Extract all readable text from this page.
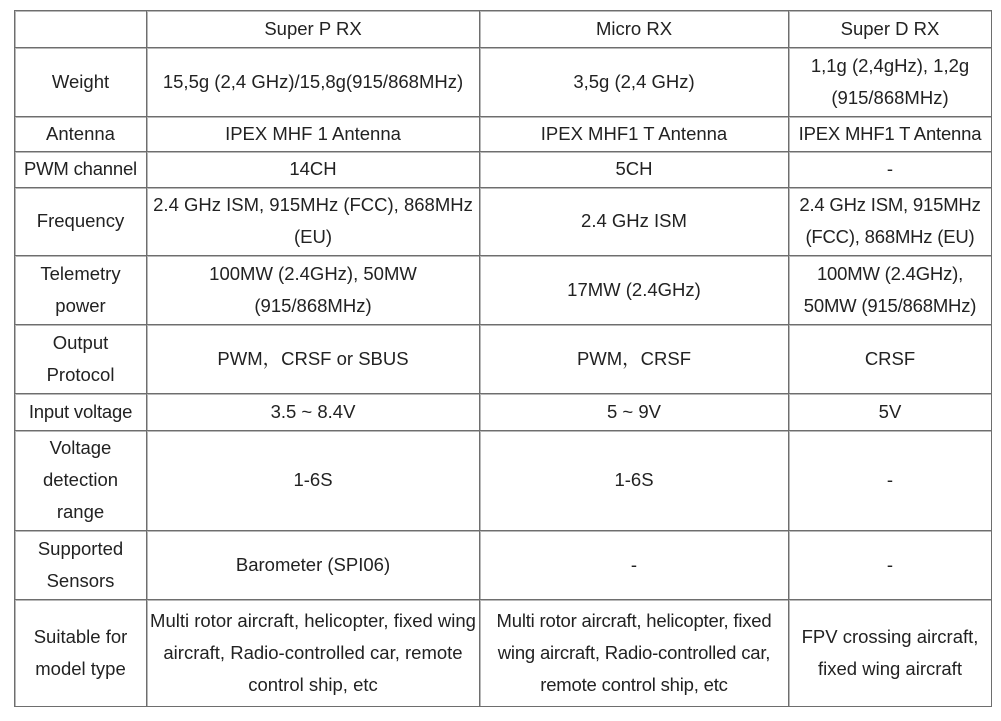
	Super P RX	Micro RX	Super D RX
Weight	15,5g (2,4 GHz)/15,8g(915/868MHz)	3,5g (2,4 GHz)	1,1g (2,4gHz), 1,2g (915/868MHz)
Antenna	IPEX MHF 1 Antenna	IPEX MHF1 T Antenna	IPEX MHF1 T Antenna
PWM channel	14CH	5CH	-
Frequency	2.4 GHz ISM, 915MHz (FCC), 868MHz (EU)	2.4 GHz ISM	2.4 GHz ISM, 915MHz (FCC), 868MHz (EU)
Telemetry power	100MW (2.4GHz), 50MW (915/868MHz)	17MW (2.4GHz)	100MW (2.4GHz), 50MW (915/868MHz)
Output Protocol	PWM，CRSF or SBUS	PWM，CRSF	CRSF
Input voltage	3.5 ~ 8.4V	5 ~ 9V	5V
Voltage detection range	1-6S	1-6S	-
Supported Sensors	Barometer (SPI06)	-	-
Suitable for model type	Multi rotor aircraft, helicopter, fixed wing aircraft, Radio-controlled car, remote control ship, etc	Multi rotor aircraft, helicopter, fixed wing aircraft, Radio-controlled car, remote control ship, etc	FPV crossing aircraft, fixed wing aircraft
